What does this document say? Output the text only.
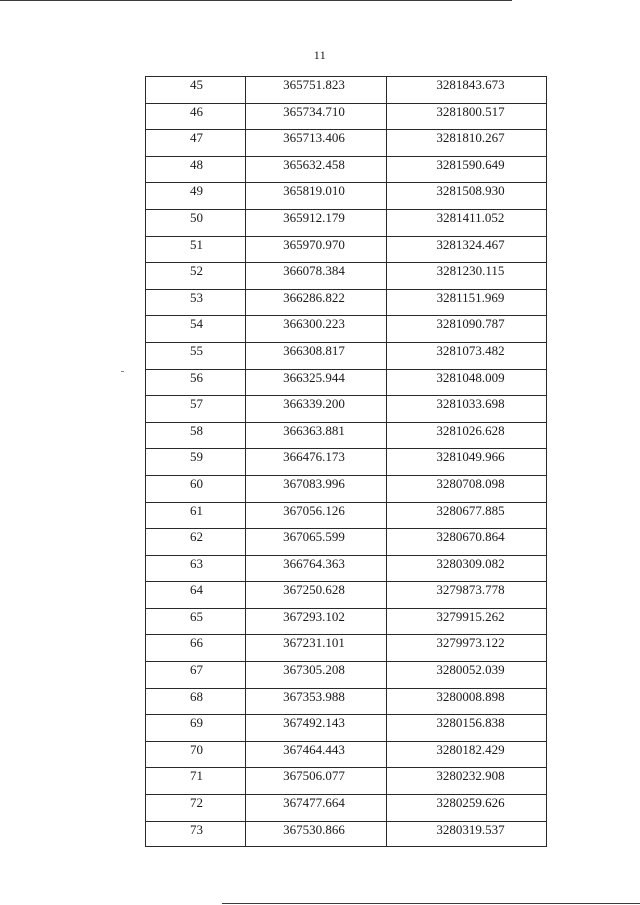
11
45	365751.823	3281843.673
46	365734.710	3281800.517
47	365713.406	3281810.267
48	365632.458	3281590.649
49	365819.010	3281508.930
50	365912.179	3281411.052
51	365970.970	3281324.467
52	366078.384	3281230.115
53	366286.822	3281151.969
54	366300.223	3281090.787
55	366308.817	3281073.482
56	366325.944	3281048.009
57	366339.200	3281033.698
58	366363.881	3281026.628
59	366476.173	3281049.966
60	367083.996	3280708.098
61	367056.126	3280677.885
62	367065.599	3280670.864
63	366764.363	3280309.082
64	367250.628	3279873.778
65	367293.102	3279915.262
66	367231.101	3279973.122
67	367305.208	3280052.039
68	367353.988	3280008.898
69	367492.143	3280156.838
70	367464.443	3280182.429
71	367506.077	3280232.908
72	367477.664	3280259.626
73	367530.866	3280319.537
